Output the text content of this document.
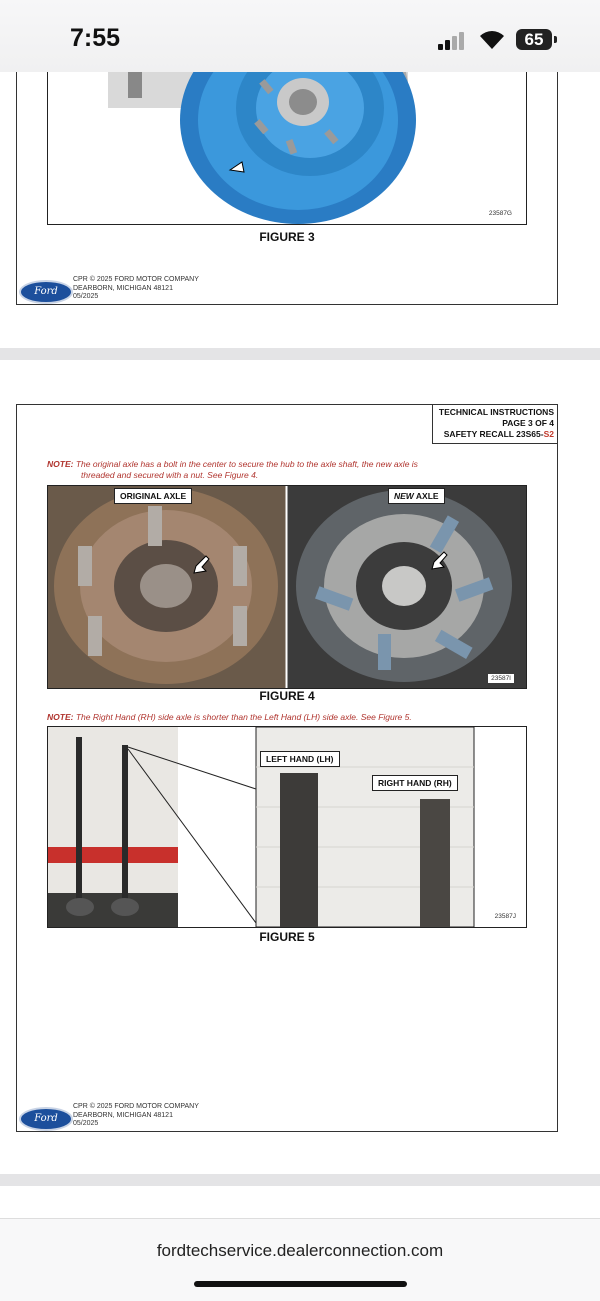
7:55	65
23587G
FIGURE 3
Ford
CPR © 2025 FORD MOTOR COMPANY
DEARBORN, MICHIGAN 48121
05/2025
TECHNICAL INSTRUCTIONS
PAGE 3 OF 4
SAFETY RECALL 23S65-S2
NOTE: The original axle has a bolt in the center to secure the hub to the axle shaft, the new axle is
threaded and secured with a nut. See Figure 4.
ORIGINAL AXLE	NEW AXLE
23587I
FIGURE 4
NOTE: The Right Hand (RH) side axle is shorter than the Left Hand (LH) side axle. See Figure 5.
LEFT HAND (LH)
RIGHT HAND (RH)
23587J
FIGURE 5
Ford
CPR © 2025 FORD MOTOR COMPANY
DEARBORN, MICHIGAN 48121
05/2025
fordtechservice.dealerconnection.com
